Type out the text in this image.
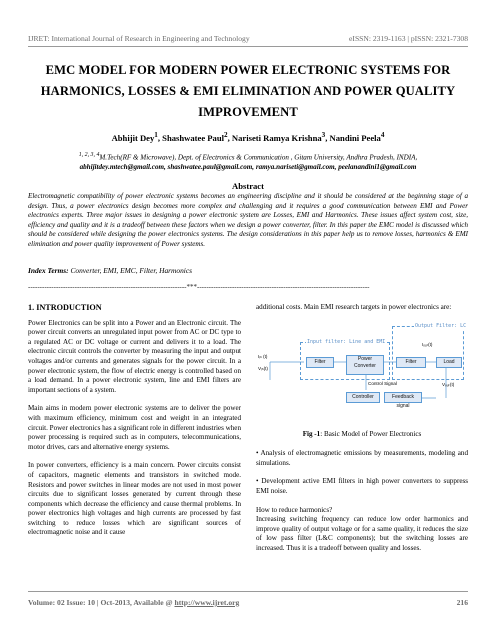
IJRET: International Journal of Research in Engineering and Technology	eISSN: 2319-1163 | pISSN: 2321-7308
EMC MODEL FOR MODERN POWER ELECTRONIC SYSTEMS FOR HARMONICS, LOSSES & EMI ELIMINATION AND POWER QUALITY IMPROVEMENT
Abhijit Dey$^1$, Shashwatee Paul$^2$, Nariseti Ramya Krishna$^3$, Nandini Peela$^4$
$^{1, 2, 3, 4}$M.Tech(RF & Microwave), Dept. of Electronics & Communication , Gitam University, Andhra Pradesh, INDIA,
abhijitdey.mtech@gmail.com, shashwatee.paul@gmail.com, ramya.nariseti@gmail.com, peelanandini1@gmail.com
Abstract
Electromagnetic compatibility of power electronic systems becomes an engineering discipline and it should be considered at the beginning stage of a design. Thus, a power electronics design becomes more complex and challenging and it requires a good communication between EMI and Power electronics experts. Three major issues in designing a power electronic system are Losses, EMI and Harmonics. These issues affect system cost, size, efficiency and quality and it is a tradeoff between these factors when we design a power converter, filter. In this paper the EMC model is discussed which should be considered while designing the power electronics systems. The design considerations in this paper help us to remove losses, harmonics & EMI elimination and power quality improvement of Power systems.
Index Terms: Converter, EMI, EMC, Filter, Harmonics
--------------------------------------------------------------------***--------------------------------------------------------------------------
1. INTRODUCTION

Power Electronics can be split into a Power and an Electronic circuit. The power circuit converts an unregulated input power from AC or DC type to a regulated AC or DC voltage or current and delivers it to a load. The electronic circuit controls the converter by measuring the input and output voltages and/or currents and generates signals for the power circuit. In a power electronic system, the flow of electric energy is controlled based on a load demand. In a power electronic system, line and EMI filters are important sections of a system.

Main aims in modern power electronic systems are to deliver the power with maximum efficiency, minimum cost and weight in an integrated circuit. Power electronics has a significant role in different industries when power processing is required such as in computers, telecommunications, motor drives, cars and alternative energy systems.

In power converters, efficiency is a main concern. Power circuits consist of capacitors, magnetic elements and transistors in switched mode. Resistors and power switches in linear modes are not used in most power circuits due to significant losses generated by current through these components which decrease the efficiency and cause thermal problems. In power electronics high voltages and high currents are processed by fast switching to reduce losses which are significant sources of electromagnetic noise and it cause

additional costs. Main EMI research targets in power electronics are:

Input filter: Line and EMI
Output Filter: LC
Iₒᵤₜ(t)
Iᵢₙ (t)
Vᵢₙ(t)
Filter	Power
Converter
Filter	Load
Control Signal	Vₒᵤₜ(t)
Controller	Feedback signal
Fig -1: Basic Model of Power Electronics

• Analysis of electromagnetic emissions by measurements, modeling and simulations.

• Development active EMI filters in high power converters to suppress EMI noise.

How to reduce harmonics?

Increasing switching frequency can reduce low order harmonics and improve quality of output voltage or for a same quality, it reduces the size of low pass filter (L&C components); but the switching losses are increased. Thus it is a tradeoff between quality and losses.

Volume: 02 Issue: 10 | Oct-2013, Available @ http://www.ijret.org	216
